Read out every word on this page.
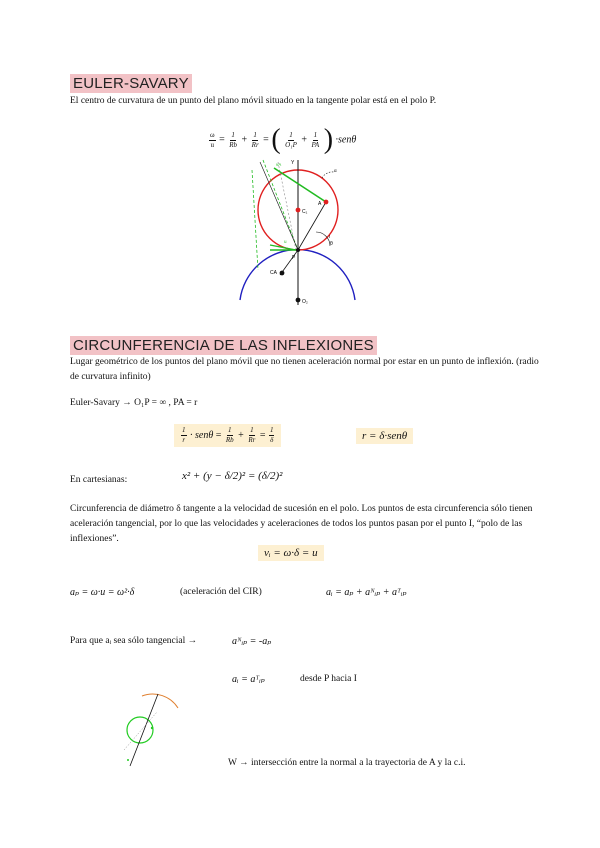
EULER-SAVARY
El centro de curvatura de un punto del plano móvil situado en la tangente polar está en el polo P.
$\frac{\omega}{u} = \frac{1}{Rb} + \frac{1}{Rr}$ = ( $\frac{1}{\text{O₁P}} + \frac{1}{PA}$ ) ·senθ
Y
A
C₁
P
CA
O₂
θ
vA
u
α
I
CIRCUNFERENCIA DE LAS INFLEXIONES
Lugar geométrico de los puntos del plano móvil que no tienen aceleración normal por estar en un punto de inflexión. (radio de curvatura infinito)
Euler-Savary → O₁P = ∞ , PA = r
$\frac{1}{r} \cdot sen\theta = \frac{1}{Rb} + \frac{1}{Rr} = \frac{1}{\delta}$	r = δ·senθ
En cartesianas:	x² + (y − δ/2)² = (δ/2)²
Circunferencia de diámetro δ tangente a la velocidad de sucesión en el polo. Los puntos de esta circunferencia sólo tienen aceleración tangencial, por lo que las velocidades y aceleraciones de todos los puntos pasan por el punto I, “polo de las inflexiones”.
vᵢ = ω·δ = u
aₚ = ω·u = ω²·δ	(aceleración del CIR)	aᵢ = aₚ + aᴺᵢₚ + aᵀᵢₚ
Para que aᵢ sea sólo tangencial →	aᴺᵢₚ = -aₚ
aᵢ = aᵀᵢₚ	desde P hacia I
W → intersección entre la normal a la trayectoria de A y la c.i.
